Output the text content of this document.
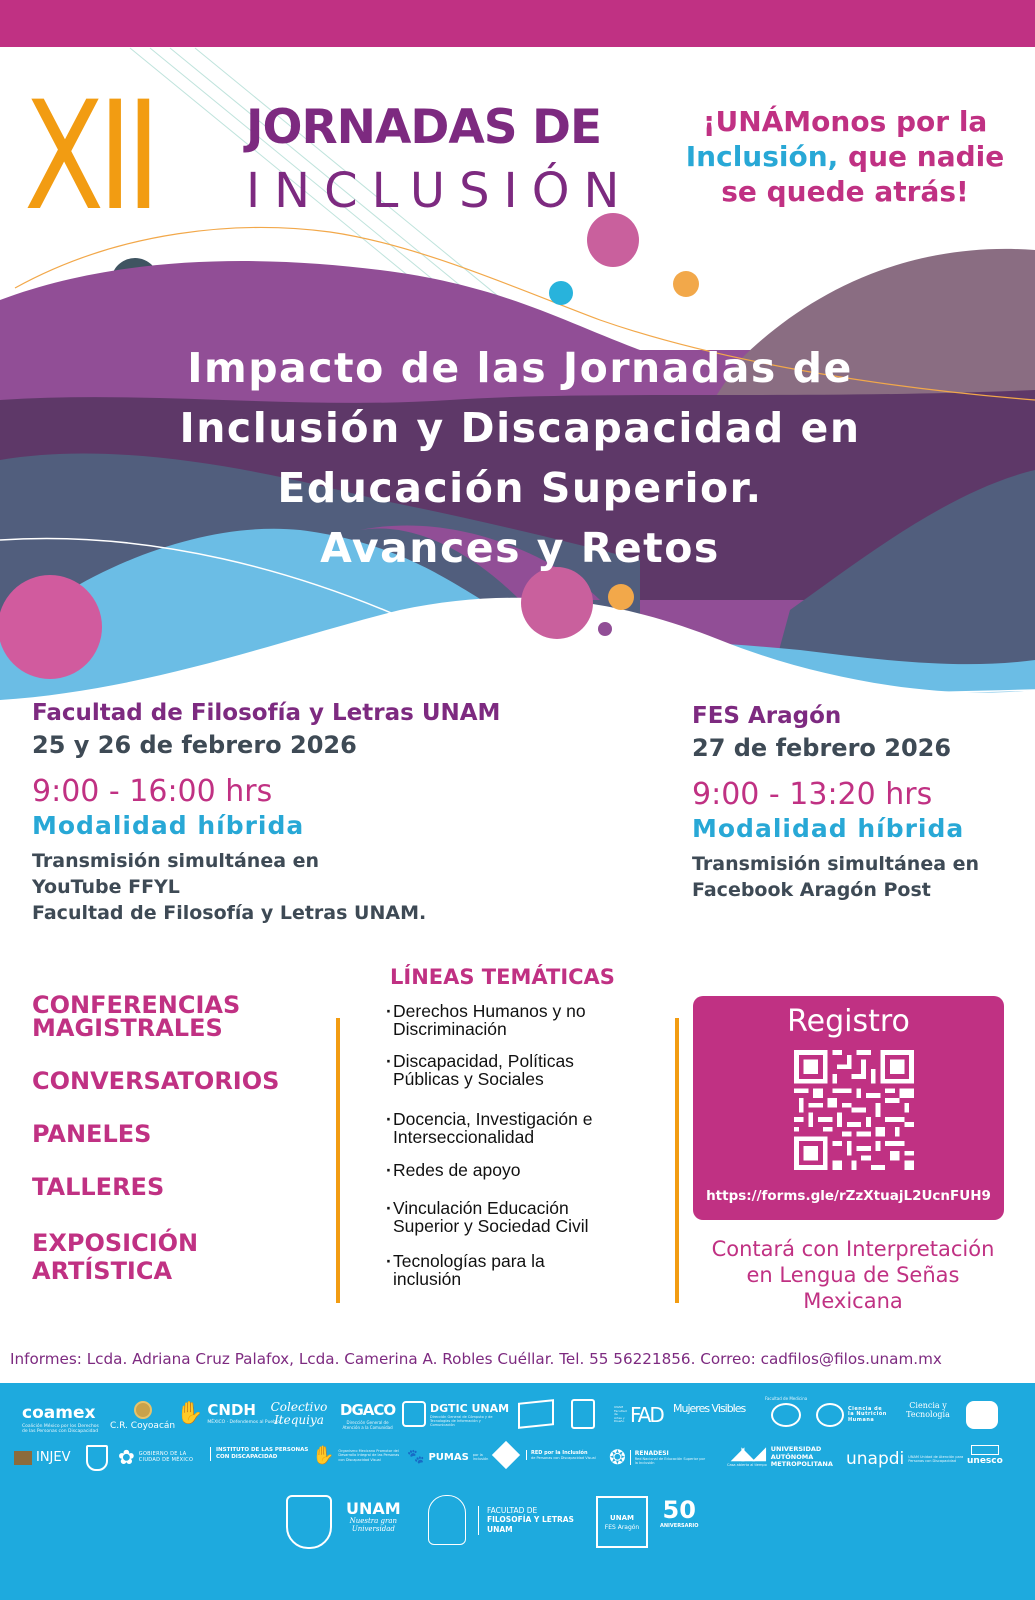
XII JORNADAS DE
INCLUSIÓN
¡UNÁMonos por la
Inclusión, que nadie
se quede atrás!
Impacto de las Jornadas de
Inclusión y Discapacidad en
Educación Superior.
Avances y Retos
Facultad de Filosofía y Letras UNAM
25 y 26 de febrero 2026
9:00 - 16:00 hrs
Modalidad híbrida
Transmisión simultánea en
YouTube FFYL
Facultad de Filosofía y Letras UNAM.
FES Aragón
27 de febrero 2026
9:00 - 13:20 hrs
Modalidad híbrida
Transmisión simultánea en
Facebook Aragón Post
CONFERENCIAS
MAGISTRALES
CONVERSATORIOS
PANELES
TALLERES
EXPOSICIÓN
ARTÍSTICA
LÍNEAS TEMÁTICAS
· Derechos Humanos y no
Discriminación
· Discapacidad, Políticas
Públicas y Sociales
· Docencia, Investigación e
Interseccionalidad
· Redes de apoyo
· Vinculación Educación
Superior y Sociedad Civil
· Tecnologías para la
inclusión
Registro
https://forms.gle/rZzXtuajL2UcnFUH9
Contará con Interpretación
en Lengua de Señas
Mexicana
Informes: Lcda. Adriana Cruz Palafox, Lcda. Camerina A. Robles Cuéllar. Tel. 55 56221856. Correo: cadfilos@filos.unam.mx
coamex
Coalición México por los Derechos de las Personas con Discapacidad
C.R. Coyoacán ✋ CNDH
MÉXICO · Defendemos al Pueblo
Colectivo Itequiya
DGACO
Dirección General de Atención a la Comunidad
DGTIC UNAM
Dirección General de Cómputo y de Tecnologías de Información y Comunicación
UNAM Facultad de Artes y Diseño FAD Mujeres Visibles
Facultad de Medicina
Ciencia de la Nutrición Humana
Ciencia y Tecnología
INJEV ✿ GOBIERNO DE LA CIUDAD DE MÉXICO
INSTITUTO DE LAS PERSONAS CON DISCAPACIDAD	✋ Organismo Mexicano Promotor del Desarrollo Integral de las Personas con Discapacidad Visual	🐾 PUMAS por la Inclusión
RED por la Inclusión
de Personas con Discapacidad Visual ❂ RENADESI
Red Nacional de Educación Superior por la Inclusión	◢◣◢
Casa abierta al tiempo
UNIVERSIDAD AUTÓNOMA METROPOLITANA unapdi UNAM Unidad de Atención para Personas con Discapacidad	unesco
UNAM
Nuestra gran Universidad
FACULTAD DE
FILOSOFÍA Y LETRAS UNAM
UNAM
FES Aragón
50
ANIVERSARIO
